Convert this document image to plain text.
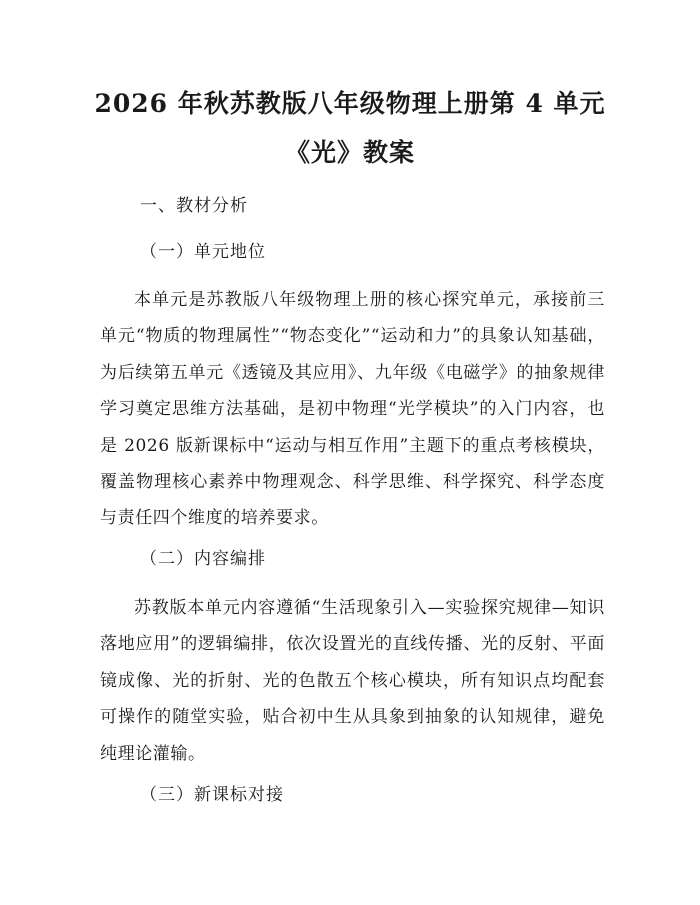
2026 年秋苏教版八年级物理上册第 4 单元
《光》教案
一、教材分析
（一）单元地位
本单元是苏教版八年级物理上册的核心探究单元，承接前三单元“物质的物理属性”“物态变化”“运动和力”的具象认知基础，为后续第五单元《透镜及其应用》、九年级《电磁学》的抽象规律学习奠定思维方法基础，是初中物理“光学模块”的入门内容，也是 2026 版新课标中“运动与相互作用”主题下的重点考核模块，覆盖物理核心素养中物理观念、科学思维、科学探究、科学态度与责任四个维度的培养要求。
（二）内容编排
苏教版本单元内容遵循“生活现象引入—实验探究规律—知识落地应用”的逻辑编排，依次设置光的直线传播、光的反射、平面镜成像、光的折射、光的色散五个核心模块，所有知识点均配套可操作的随堂实验，贴合初中生从具象到抽象的认知规律，避免纯理论灌输。
（三）新课标对接
